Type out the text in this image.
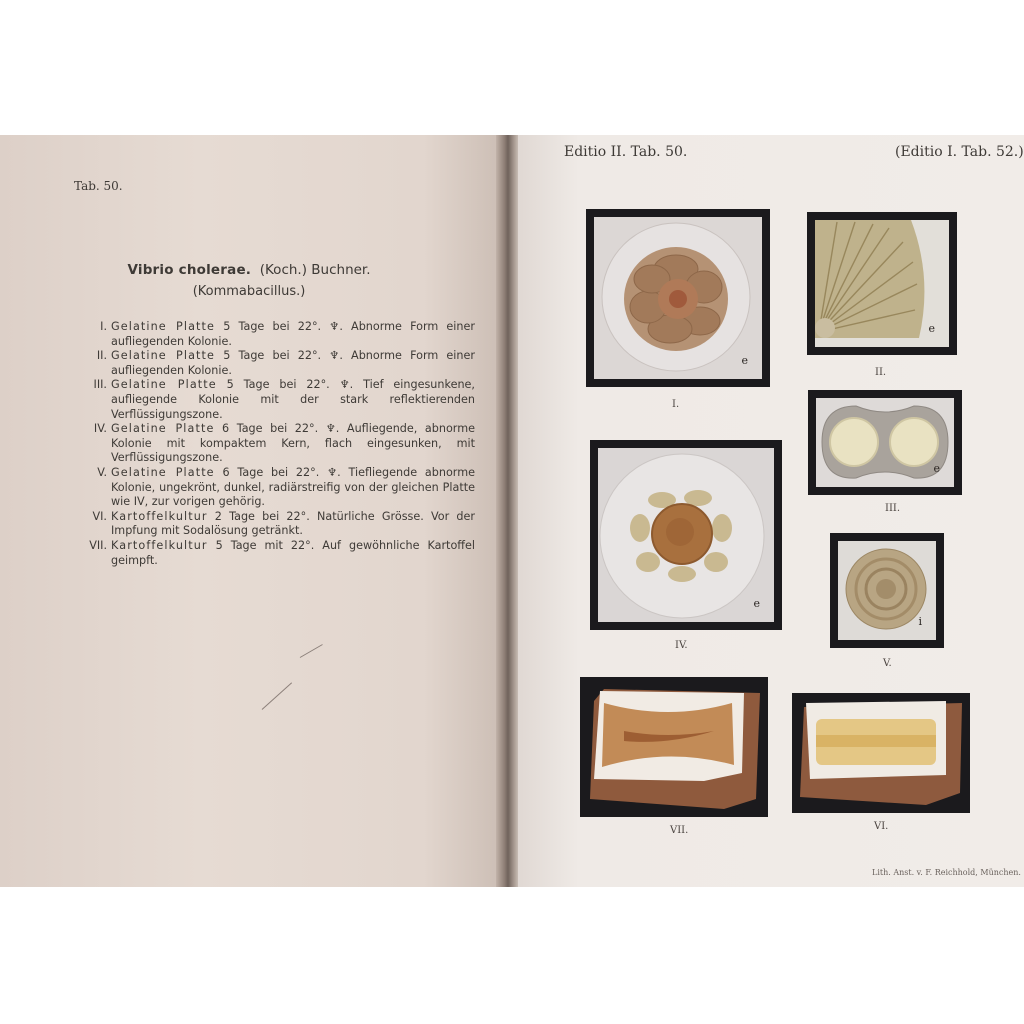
Tab. 50.
Vibrio cholerae. (Koch.) Buchner.
(Kommabacillus.)

I. Gelatine Platte 5 Tage bei 22°. ♆. Abnorme Form einer aufliegenden Kolonie.

II. Gelatine Platte 5 Tage bei 22°. ♆. Abnorme Form einer aufliegenden Kolonie.

III. Gelatine Platte 5 Tage bei 22°. ♆. Tief eingesunkene, aufliegende Kolonie mit der stark reflektierenden Verflüssigungszone.

IV. Gelatine Platte 6 Tage bei 22°. ♆. Aufliegende, abnorme Kolonie mit kompaktem Kern, flach eingesunken, mit Verflüssigungszone.

V. Gelatine Platte 6 Tage bei 22°. ♆. Tiefliegende abnorme Kolonie, ungekrönt, dunkel, radiärstreifig von der gleichen Platte wie IV, zur vorigen gehörig.

VI. Kartoffelkultur 2 Tage bei 22°. Natürliche Grösse. Vor der Impfung mit Sodalösung getränkt.

VII. Kartoffelkultur 5 Tage mit 22°. Auf gewöhnliche Kartoffel geimpft.

Editio II. Tab. 50.	(Editio I. Tab. 52.)
e
I.
e
II.
e
III.
e
IV.
i
V.
VII.	VI.
Lith. Anst. v. F. Reichhold, München.
